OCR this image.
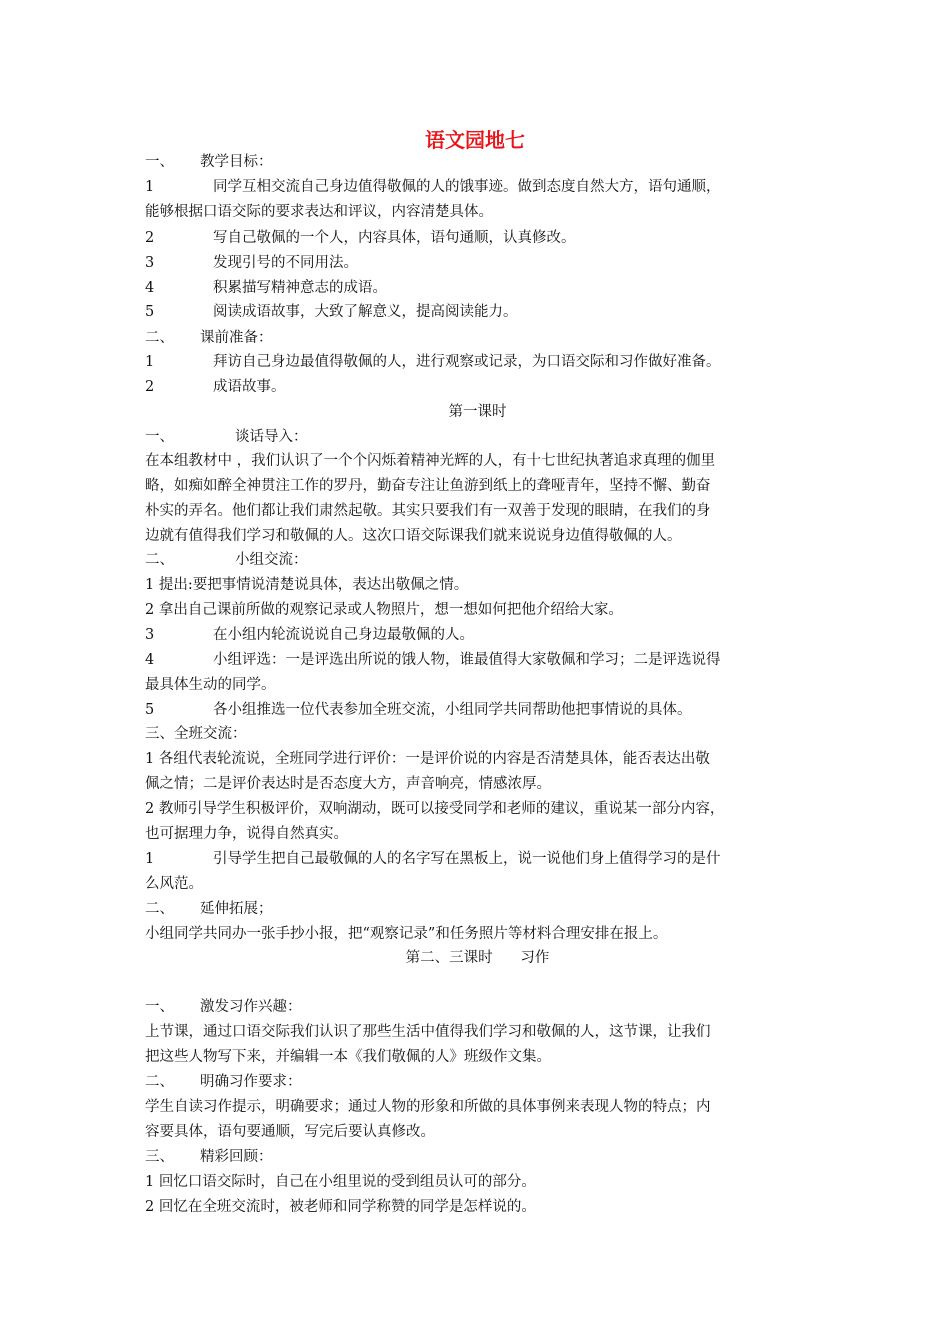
语文园地七
一、 教学目标：
1	同学互相交流自己身边值得敬佩的人的饿事迹。做到态度自然大方，语句通顺，
能够根据口语交际的要求表达和评议，内容清楚具体。
2	写自己敬佩的一个人，内容具体，语句通顺，认真修改。
3	发现引号的不同用法。
4	积累描写精神意志的成语。
5	阅读成语故事，大致了解意义，提高阅读能力。
二、 课前准备：
1	拜访自己身边最值得敬佩的人，进行观察或记录，为口语交际和习作做好准备。
2	成语故事。
第一课时
一、	谈话导入：
在本组教材中 ，我们认识了一个个闪烁着精神光辉的人，有十七世纪执著追求真理的伽里
略，如痴如醉全神贯注工作的罗丹，勤奋专注让鱼游到纸上的聋哑青年，坚持不懈、勤奋
朴实的弄名。他们都让我们肃然起敬。其实只要我们有一双善于发现的眼睛，在我们的身
边就有值得我们学习和敬佩的人。这次口语交际课我们就来说说身边值得敬佩的人。
二、	小组交流：
1 提出:要把事情说清楚说具体，表达出敬佩之情。
2 拿出自己课前所做的观察记录或人物照片，想一想如何把他介绍给大家。
3	在小组内轮流说说自己身边最敬佩的人。
4	小组评选：一是评选出所说的饿人物，谁最值得大家敬佩和学习；二是评选说得
最具体生动的同学。
5	各小组推选一位代表参加全班交流，小组同学共同帮助他把事情说的具体。
三、全班交流：
1 各组代表轮流说，全班同学进行评价：一是评价说的内容是否清楚具体，能否表达出敬
佩之情；二是评价表达时是否态度大方，声音响亮，情感浓厚。
2 教师引导学生积极评价，双响湖动，既可以接受同学和老师的建议，重说某一部分内容，
也可据理力争，说得自然真实。
1	引导学生把自己最敬佩的人的名字写在黑板上，说一说他们身上值得学习的是什
么风范。
二、 延伸拓展；
小组同学共同办一张手抄小报，把“观察记录”和任务照片等材料合理安排在报上。
第二、三课时      习作
一、 激发习作兴趣：
上节课，通过口语交际我们认识了那些生活中值得我们学习和敬佩的人，这节课，让我们
把这些人物写下来，并编辑一本《我们敬佩的人》班级作文集。
二、 明确习作要求：
学生自读习作提示，明确要求；通过人物的形象和所做的具体事例来表现人物的特点；内
容要具体，语句要通顺，写完后要认真修改。
三、 精彩回顾：
1 回忆口语交际时，自己在小组里说的受到组员认可的部分。
2 回忆在全班交流时，被老师和同学称赞的同学是怎样说的。
